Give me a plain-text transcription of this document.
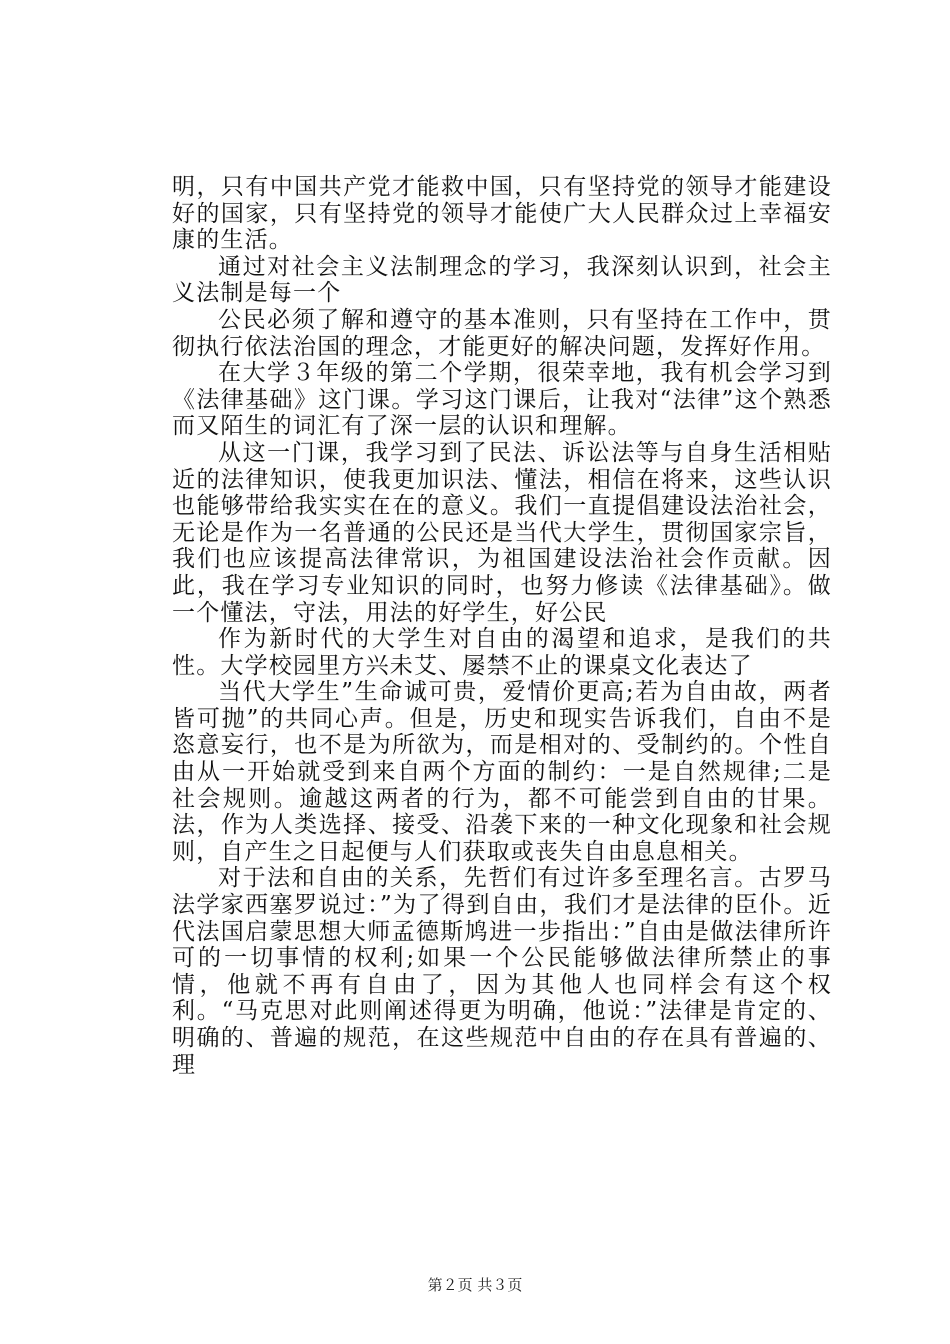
明，只有中国共产党才能救中国，只有坚持党的领导才能建设好的国家，只有坚持党的领导才能使广大人民群众过上幸福安康的生活。

通过对社会主义法制理念的学习，我深刻认识到，社会主义法制是每一个

公民必须了解和遵守的基本准则，只有坚持在工作中，贯彻执行依法治国的理念，才能更好的解决问题，发挥好作用。

在大学３年级的第二个学期，很荣幸地，我有机会学习到《法律基础》这门课。学习这门课后，让我对“法律”这个熟悉而又陌生的词汇有了深一层的认识和理解。

从这一门课，我学习到了民法、诉讼法等与自身生活相贴近的法律知识，使我更加识法、懂法，相信在将来，这些认识也能够带给我实实在在的意义。我们一直提倡建设法治社会，无论是作为一名普通的公民还是当代大学生，贯彻国家宗旨，我们也应该提高法律常识，为祖国建设法治社会作贡献。因此，我在学习专业知识的同时，也努力修读《法律基础》。做一个懂法，守法，用法的好学生，好公民

作为新时代的大学生对自由的渴望和追求，是我们的共性。大学校园里方兴未艾、屡禁不止的课桌文化表达了

当代大学生”生命诚可贵，爱情价更高;若为自由故，两者皆可抛”的共同心声。但是，历史和现实告诉我们，自由不是恣意妄行，也不是为所欲为，而是相对的、受制约的。个性自由从一开始就受到来自两个方面的制约：一是自然规律;二是社会规则。逾越这两者的行为，都不可能尝到自由的甘果。法，作为人类选择、接受、沿袭下来的一种文化现象和社会规则，自产生之日起便与人们获取或丧失自由息息相关。

对于法和自由的关系，先哲们有过许多至理名言。古罗马法学家西塞罗说过：”为了得到自由，我们才是法律的臣仆。近代法国启蒙思想大师孟德斯鸠进一步指出：”自由是做法律所许可的一切事情的权利;如果一个公民能够做法律所禁止的事情，他就不再有自由了，因为其他人也同样会有这个权利。“马克思对此则阐述得更为明确，他说：”法律是肯定的、明确的、普遍的规范，在这些规范中自由的存在具有普遍的、理

第２页 共３页
